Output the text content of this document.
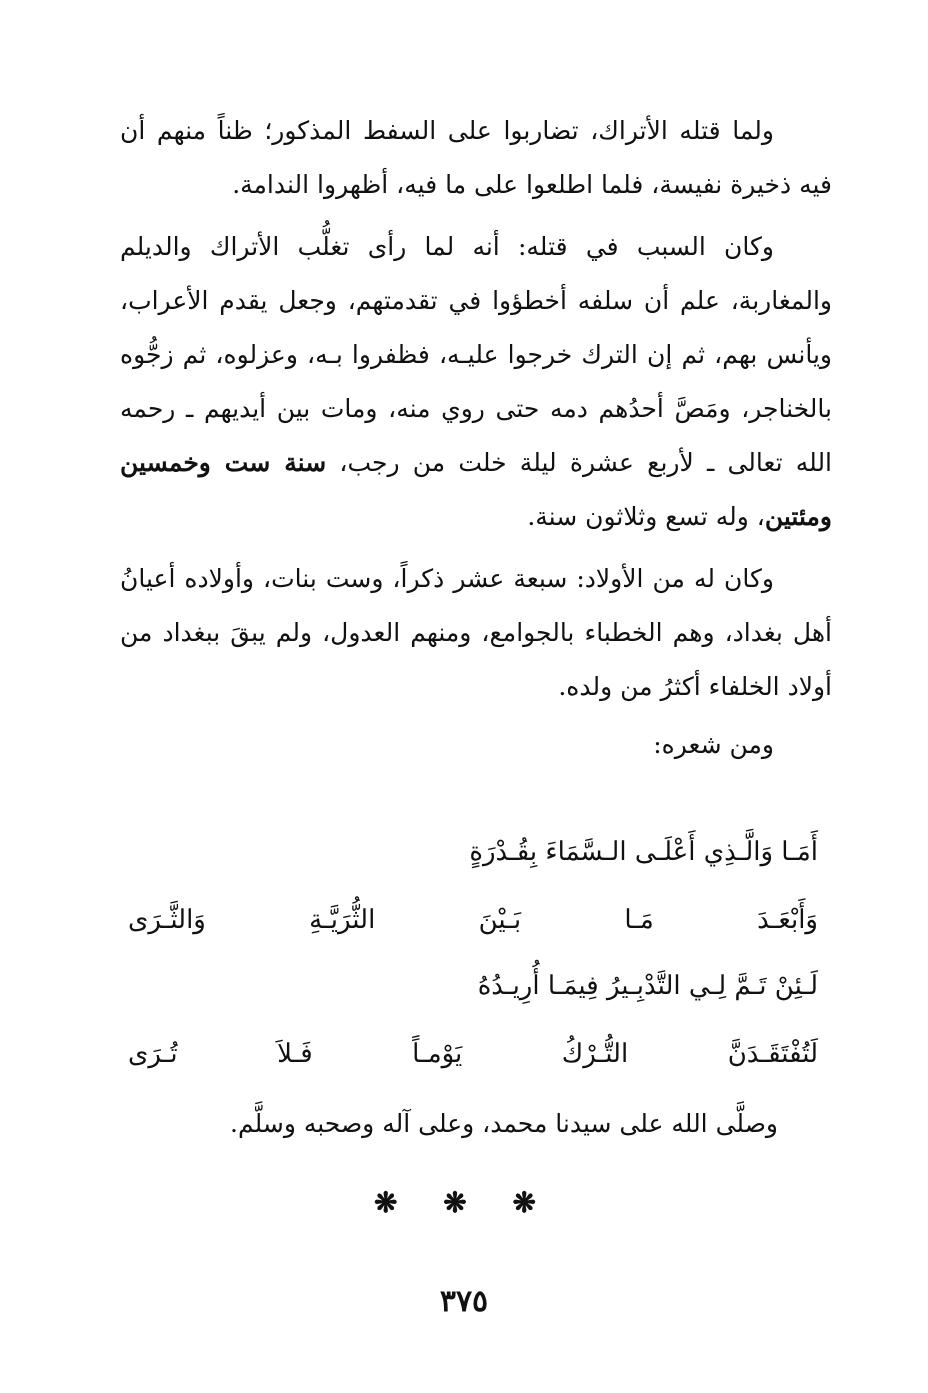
ولما قتله الأتراك، تضاربوا على السفط المذكور؛ ظناً منهم أن فيه ذخيرة نفيسة، فلما اطلعوا على ما فيه، أظهروا الندامة.

وكان السبب في قتله: أنه لما رأى تغلُّب الأتراك والديلم والمغاربة، علم أن سلفه أخطؤوا في تقدمتهم، وجعل يقدم الأعراب، ويأنس بهم، ثم إن الترك خرجوا عليـه، فظفروا بـه، وعزلوه، ثم زجُّوه بالخناجر، ومَصَّ أحدُهم دمه حتى روي منه، ومات بين أيديهم ـ رحمه الله تعالى ـ لأربع عشرة ليلة خلت من رجب، سنة ست وخمسين ومئتين، وله تسع وثلاثون سنة.

وكان له من الأولاد: سبعة عشر ذكراً، وست بنات، وأولاده أعيانُ أهل بغداد، وهم الخطباء بالجوامع، ومنهم العدول، ولم يبقَ ببغداد من أولاد الخلفاء أكثرُ من ولده.

ومن شعره:

أَمَـا وَالَّـذِي أَعْلَـى الـسَّمَاءَ بِقُـدْرَةٍ
وَأَبْعَـدَ مَـا بَـيْنَ الثُّرَيَّـةِ وَالثَّـرَى
لَـئِنْ تَـمَّ لِـي التَّدْبِـيرُ فِيمَـا أُرِيـدُهُ
لَتُفْتَقَـدَنَّ التُّـرْكُ يَوْمـاً فَـلاَ تُـرَى
وصلَّى الله على سيدنا محمد، وعلى آله وصحبه وسلَّم.
❋ ❋ ❋
٣٧٥
